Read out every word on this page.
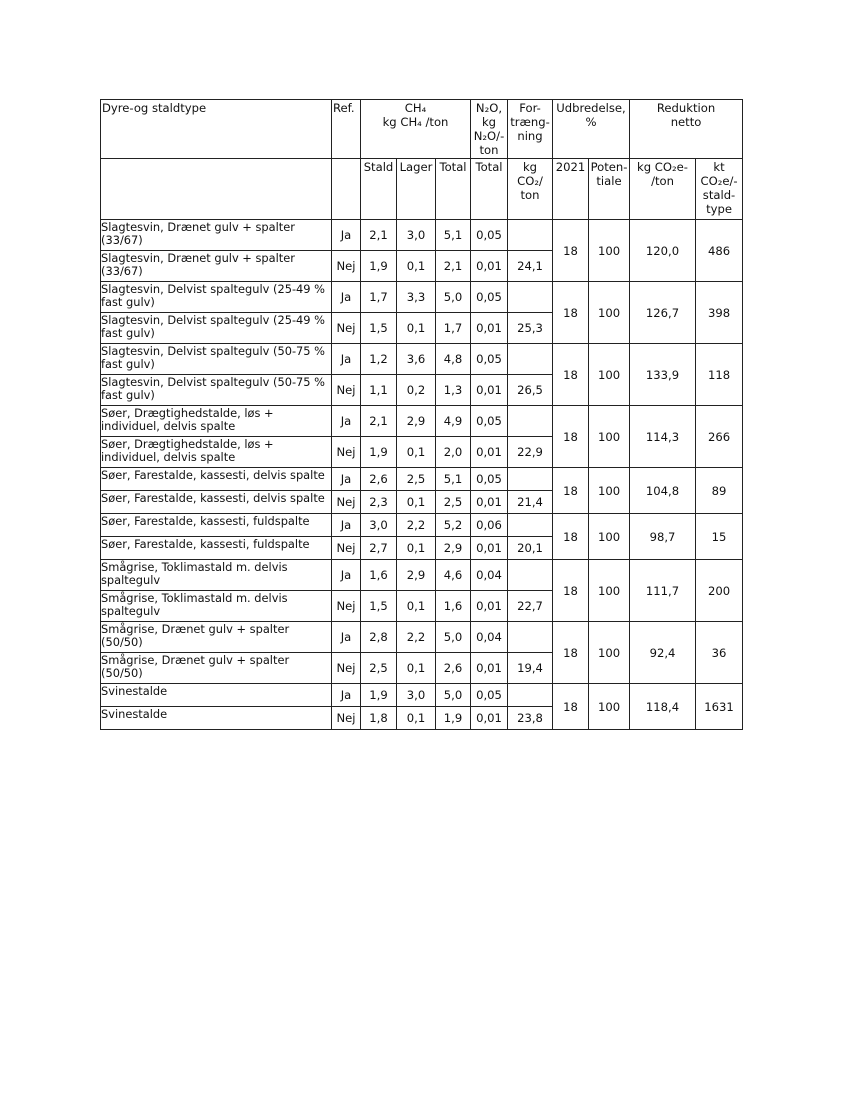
Dyre-og staldtype	Ref.	CH₄
kg CH₄ /ton			N₂O,
kg
N₂O/-
ton	For-
træng-
ning	Udbredelse,
%		Reduktion
netto	

		Stald	Lager	Total	Total	kg
CO₂/
ton	2021	Poten-
tiale	kg CO₂e-
/ton	kt
CO₂e/-
stald-
type

Slagtesvin, Drænet gulv + spalter (33/67)	Ja	2,1	3,0	5,1	0,05		18	100	120,0	486
Slagtesvin, Drænet gulv + spalter (33/67)	Nej	1,9	0,1	2,1	0,01	24,1				
Slagtesvin, Delvist spaltegulv (25-49 % fast gulv)	Ja	1,7	3,3	5,0	0,05		18	100	126,7	398
Slagtesvin, Delvist spaltegulv (25-49 % fast gulv)	Nej	1,5	0,1	1,7	0,01	25,3				
Slagtesvin, Delvist spaltegulv (50-75 % fast gulv)	Ja	1,2	3,6	4,8	0,05		18	100	133,9	118
Slagtesvin, Delvist spaltegulv (50-75 % fast gulv)	Nej	1,1	0,2	1,3	0,01	26,5				
Søer, Drægtighedstalde, løs + individuel, delvis spalte	Ja	2,1	2,9	4,9	0,05		18	100	114,3	266
Søer, Drægtighedstalde, løs + individuel, delvis spalte	Nej	1,9	0,1	2,0	0,01	22,9				
Søer, Farestalde, kassesti, delvis spalte	Ja	2,6	2,5	5,1	0,05		18	100	104,8	89
Søer, Farestalde, kassesti, delvis spalte	Nej	2,3	0,1	2,5	0,01	21,4				
Søer, Farestalde, kassesti, fuldspalte	Ja	3,0	2,2	5,2	0,06		18	100	98,7	15
Søer, Farestalde, kassesti, fuldspalte	Nej	2,7	0,1	2,9	0,01	20,1				
Smågrise, Toklimastald m. delvis spaltegulv	Ja	1,6	2,9	4,6	0,04		18	100	111,7	200
Smågrise, Toklimastald m. delvis spaltegulv	Nej	1,5	0,1	1,6	0,01	22,7				
Smågrise, Drænet gulv + spalter (50/50)	Ja	2,8	2,2	5,0	0,04		18	100	92,4	36
Smågrise, Drænet gulv + spalter (50/50)	Nej	2,5	0,1	2,6	0,01	19,4				
Svinestalde	Ja	1,9	3,0	5,0	0,05		18	100	118,4	1631
Svinestalde	Nej	1,8	0,1	1,9	0,01	23,8				
